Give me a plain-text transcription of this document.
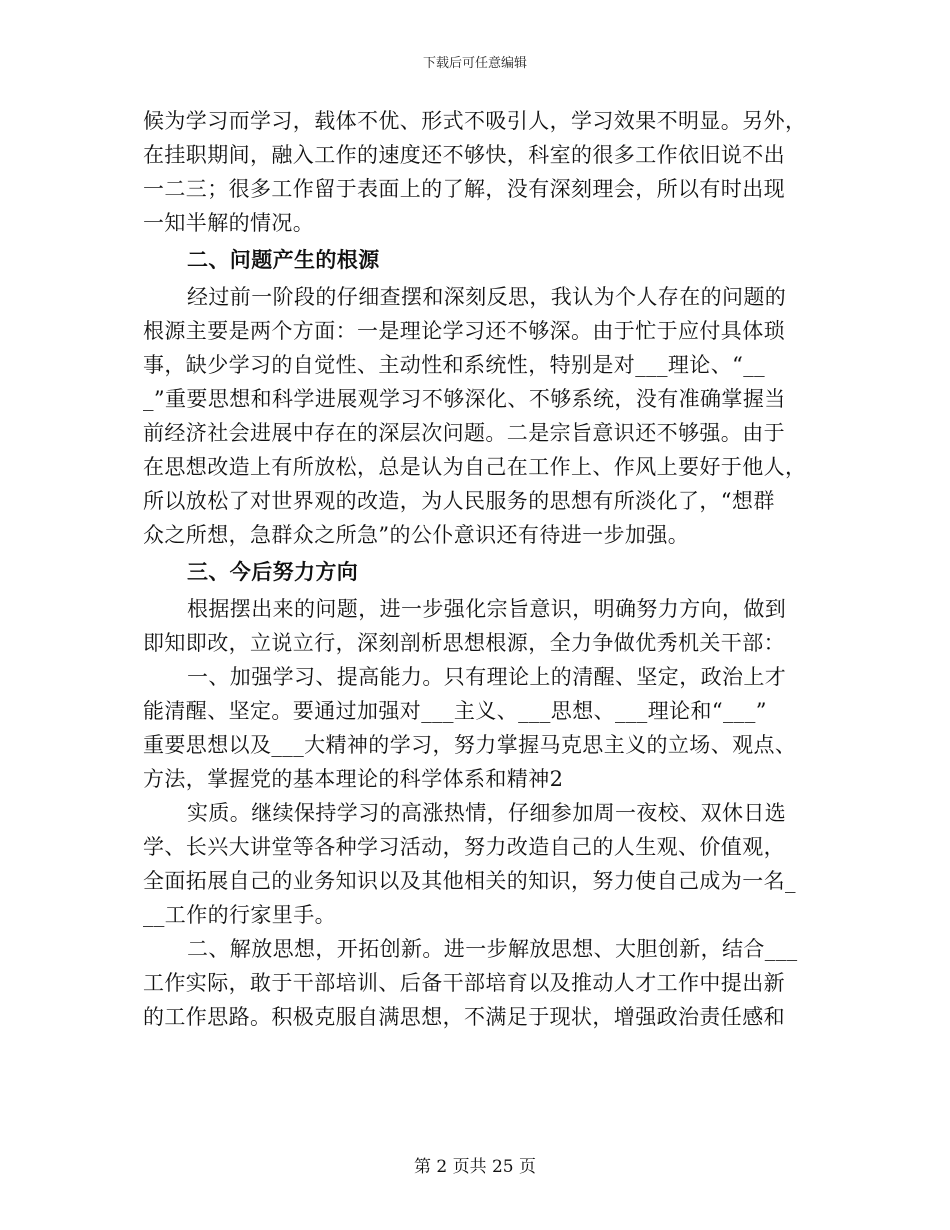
下载后可任意编辑
候为学习而学习，载体不优、形式不吸引人，学习效果不明显。另外，
在挂职期间，融入工作的速度还不够快，科室的很多工作依旧说不出
一二三；很多工作留于表面上的了解，没有深刻理会，所以有时出现
一知半解的情况。
二、问题产生的根源
经过前一阶段的仔细查摆和深刻反思，我认为个人存在的问题的
根源主要是两个方面：一是理论学习还不够深。由于忙于应付具体琐
事，缺少学习的自觉性、主动性和系统性，特别是对___理论、“__
_”重要思想和科学进展观学习不够深化、不够系统，没有准确掌握当
前经济社会进展中存在的深层次问题。二是宗旨意识还不够强。由于
在思想改造上有所放松，总是认为自己在工作上、作风上要好于他人，
所以放松了对世界观的改造，为人民服务的思想有所淡化了，“想群
众之所想，急群众之所急”的公仆意识还有待进一步加强。
三、今后努力方向
根据摆出来的问题，进一步强化宗旨意识，明确努力方向，做到
即知即改，立说立行，深刻剖析思想根源，全力争做优秀机关干部：
一、加强学习、提高能力。只有理论上的清醒、坚定，政治上才
能清醒、坚定。要通过加强对___主义、___思想、___理论和“___”
重要思想以及___大精神的学习，努力掌握马克思主义的立场、观点、
方法，掌握党的基本理论的科学体系和精神2
实质。继续保持学习的高涨热情，仔细参加周一夜校、双休日选
学、长兴大讲堂等各种学习活动，努力改造自己的人生观、价值观，
全面拓展自己的业务知识以及其他相关的知识，努力使自己成为一名_
__工作的行家里手。
二、解放思想，开拓创新。进一步解放思想、大胆创新，结合___
工作实际，敢于干部培训、后备干部培育以及推动人才工作中提出新
的工作思路。积极克服自满思想，不满足于现状，增强政治责任感和
第 2 页共 25 页
